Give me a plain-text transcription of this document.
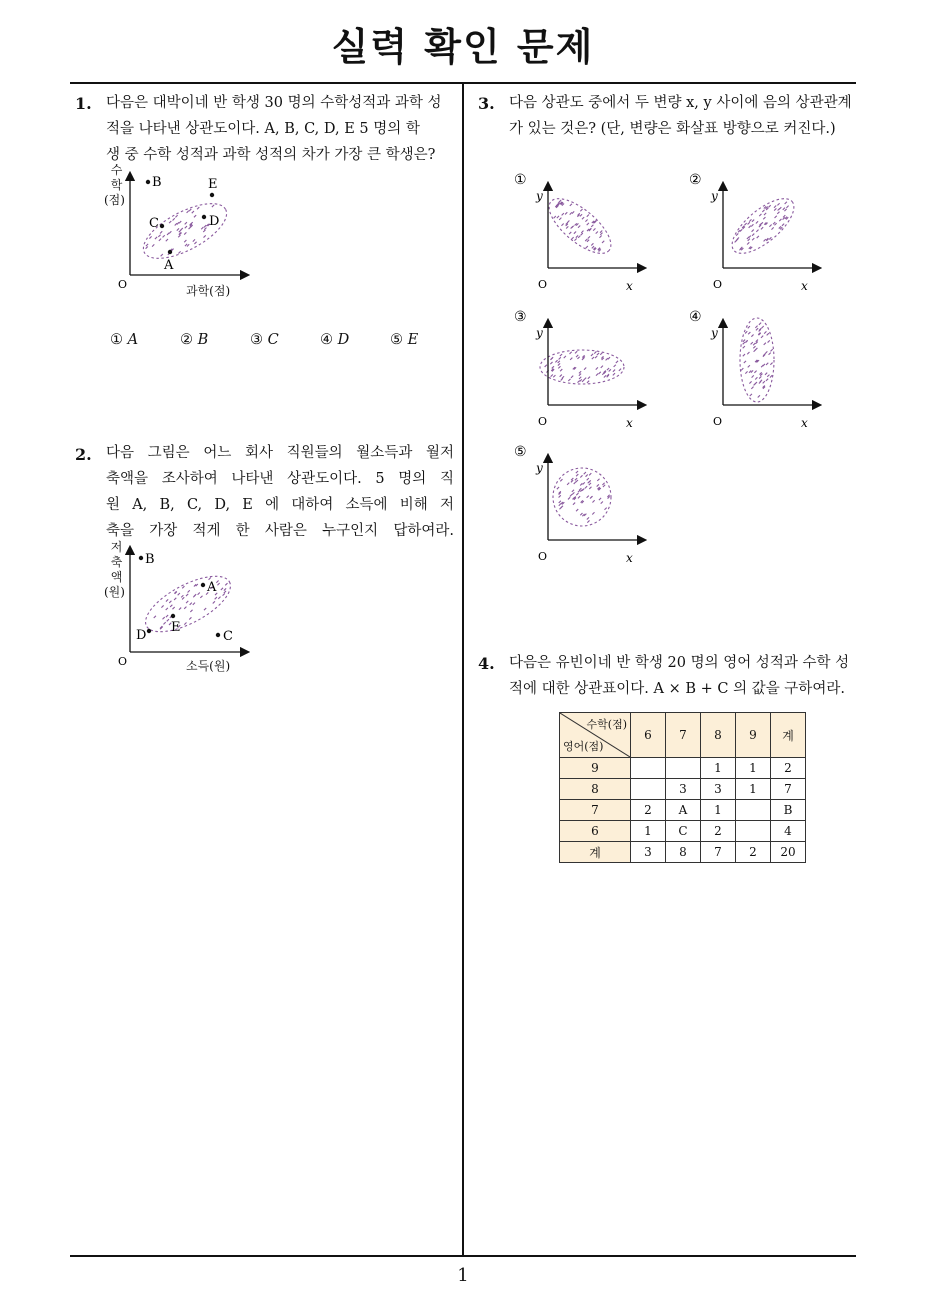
실력 확인 문제
1
1. 다음은 대박이네 반 학생 30 명의 수학성적과 과학 성
적을 나타낸 상관도이다. A, B, C, D, E 5 명의 학
생 중 수학 성적과 과학 성적의 차가 가장 큰 학생은?
O
B	E
C	D
A
수
학
(점)
과학(점)
① A	② B	③ C	④ D	⑤ E
2. 다음 그림은 어느 회사 직원들의 월소득과 월저
축액을 조사하여 나타낸 상관도이다. 5 명의 직
원 A, B, C, D, E 에 대하여 소득에 비해 저
축을 가장 적게 한 사람은 누구인지 답하여라.
O
B
A
E
D	C
저
축
액
(원)
소득(원)
3. 다음 상관도 중에서 두 변량 x, y 사이에 음의 상관관계
가 있는 것은? (단, 변량은 화살표 방향으로 커진다.)
①
y
x
O
②
y
x
O
③
y
x
O
④
y
x
O
⑤
y
x
O
4. 다음은 유빈이네 반 학생 20 명의 영어 성적과 수학 성
적에 대한 상관표이다. A × B + C 의 값을 구하여라.
수학(점)
영어(점)	6	7	8	9	계
9			1	1	2
8		3	3	1	7
7	2	A	1		B
6	1	C	2		4
계	3	8	7	2	20
